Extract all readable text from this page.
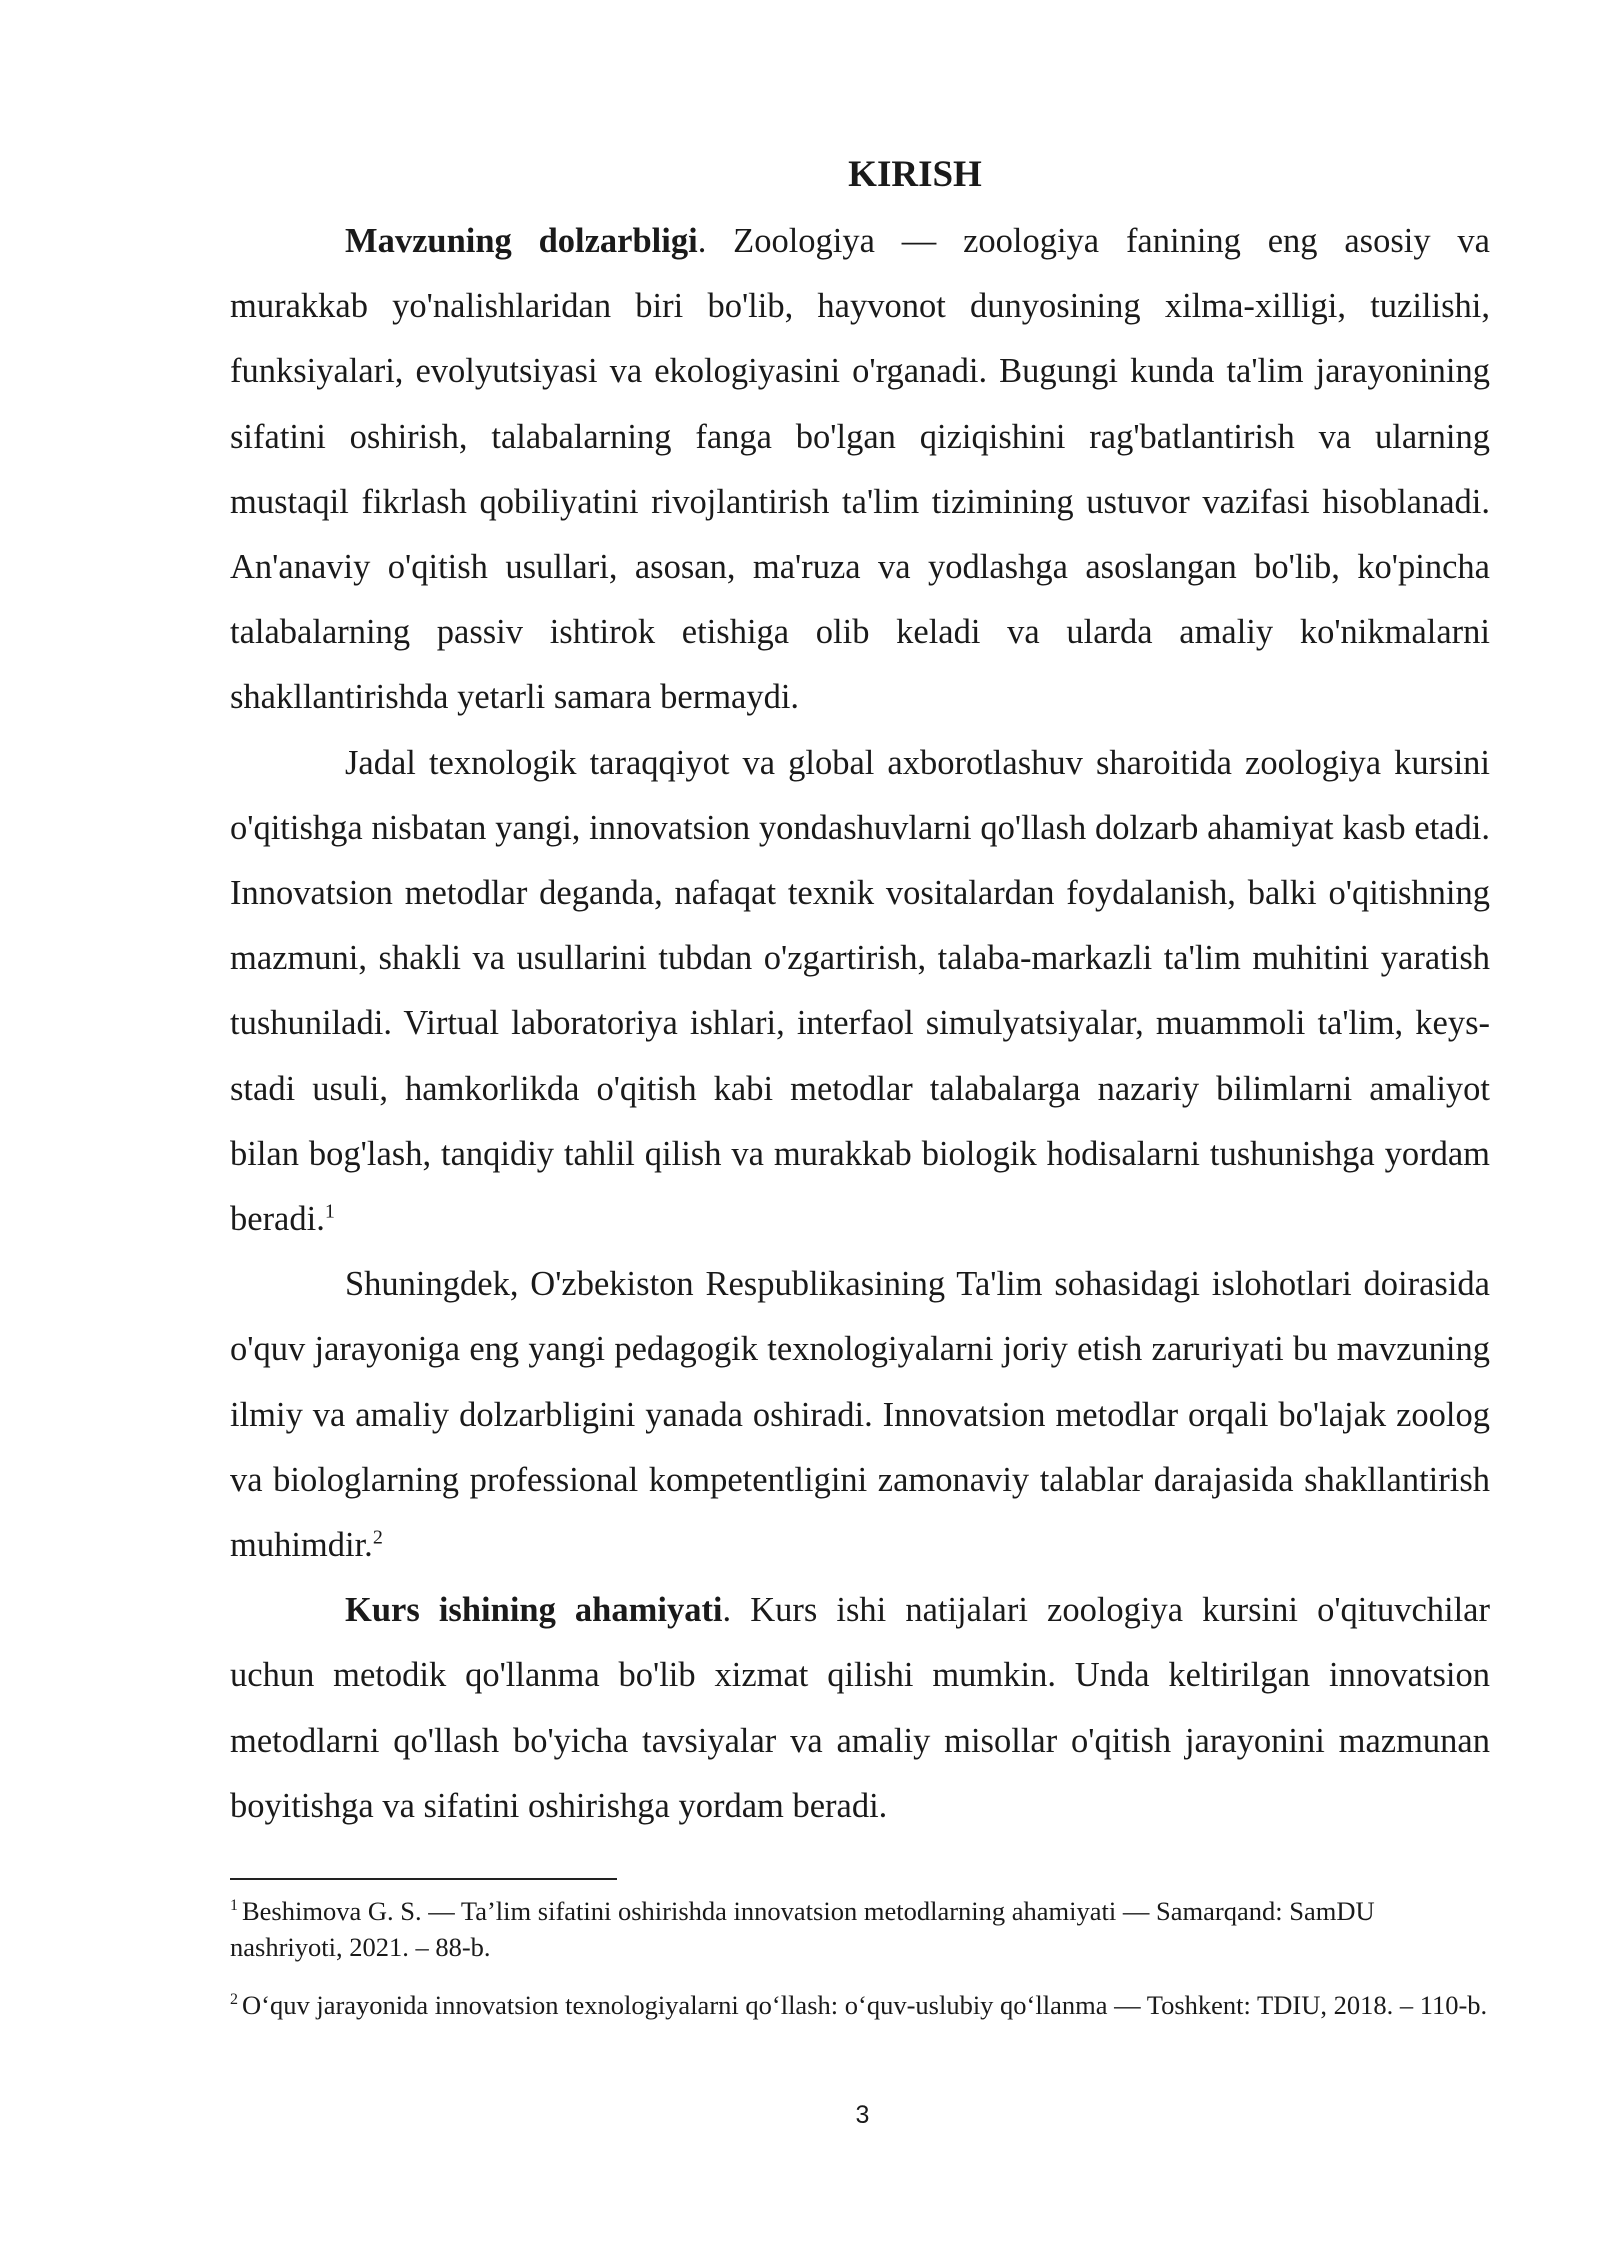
KIRISH

Mavzuning dolzarbligi. Zoologiya — zoologiya fanining eng asosiy va murakkab yo'nalishlaridan biri bo'lib, hayvonot dunyosining xilma-xilligi, tuzilishi, funksiyalari, evolyutsiyasi va ekologiyasini o'rganadi. Bugungi kunda ta'lim jarayonining sifatini oshirish, talabalarning fanga bo'lgan qiziqishini rag'batlantirish va ularning mustaqil fikrlash qobiliyatini rivojlantirish ta'lim tizimining ustuvor vazifasi hisoblanadi. An'anaviy o'qitish usullari, asosan, ma'ruza va yodlashga asoslangan bo'lib, ko'pincha talabalarning passiv ishtirok etishiga olib keladi va ularda amaliy ko'nikmalarni shakllantirishda yetarli samara bermaydi.

Jadal texnologik taraqqiyot va global axborotlashuv sharoitida zoologiya kursini o'qitishga nisbatan yangi, innovatsion yondashuvlarni qo'llash dolzarb ahamiyat kasb etadi. Innovatsion metodlar deganda, nafaqat texnik vositalardan foydalanish, balki o'qitishning mazmuni, shakli va usullarini tubdan o'zgartirish, talaba-markazli ta'lim muhitini yaratish tushuniladi. Virtual laboratoriya ishlari, interfaol simulyatsiyalar, muammoli ta'lim, keys-stadi usuli, hamkorlikda o'qitish kabi metodlar talabalarga nazariy bilimlarni amaliyot bilan bog'lash, tanqidiy tahlil qilish va murakkab biologik hodisalarni tushunishga yordam beradi.$^1$

Shuningdek, O'zbekiston Respublikasining Ta'lim sohasidagi islohotlari doirasida o'quv jarayoniga eng yangi pedagogik texnologiyalarni joriy etish zaruriyati bu mavzuning ilmiy va amaliy dolzarbligini yanada oshiradi. Innovatsion metodlar orqali bo'lajak zoolog va biologlarning professional kompetentligini zamonaviy talablar darajasida shakllantirish muhimdir.$^2$

Kurs ishining ahamiyati. Kurs ishi natijalari zoologiya kursini o'qituvchilar uchun metodik qo'llanma bo'lib xizmat qilishi mumkin. Unda keltirilgan innovatsion metodlarni qo'llash bo'yicha tavsiyalar va amaliy misollar o'qitish jarayonini mazmunan boyitishga va sifatini oshirishga yordam beradi.

$^1$ Beshimova G. S. — Ta’lim sifatini oshirishda innovatsion metodlarning ahamiyati — Samarqand: SamDU nashriyoti, 2021. – 88-b.

$^2$ O‘quv jarayonida innovatsion texnologiyalarni qo‘llash: o‘quv-uslubiy qo‘llanma — Toshkent: TDIU, 2018. – 110-b.

3
